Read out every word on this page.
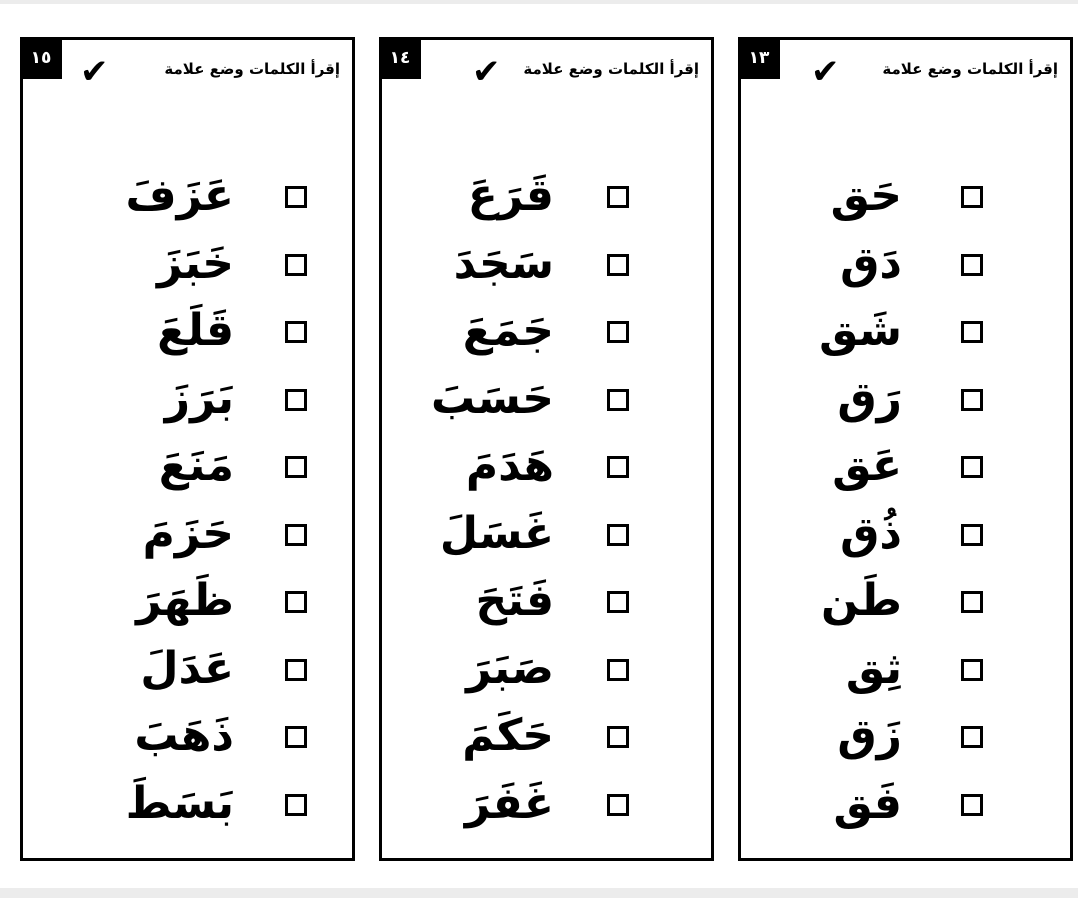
١٥ ✔	إقرأ الكلمات وضع علامة
عَزَفَ
خَبَزَ
قَلَعَ
بَرَزَ
مَنَعَ
حَزَمَ
ظَهَرَ
عَدَلَ
ذَهَبَ
بَسَطَ
١٤	✔ إقرأ الكلمات وضع علامة
قَرَعَ
سَجَدَ
جَمَعَ
حَسَبَ
هَدَمَ
غَسَلَ
فَتَحَ
صَبَرَ
حَكَمَ
غَفَرَ
١٣	✔	إقرأ الكلمات وضع علامة
حَق
دَق
شَق
رَق
عَق
ذُق
طَن
ثِق
زَق
فَق
